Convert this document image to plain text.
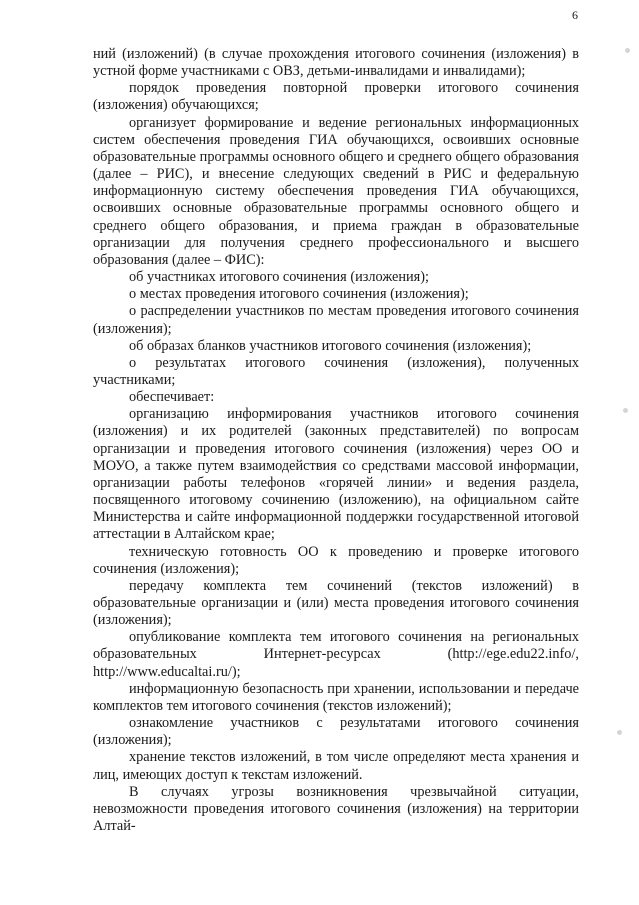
6

ний (изложений) (в случае прохождения итогового сочинения (изложения) в устной форме участниками с ОВЗ, детьми-инвалидами и инвалидами);

порядок проведения повторной проверки итогового сочинения (изложения) обучающихся;

организует формирование и ведение региональных информационных систем обеспечения проведения ГИА обучающихся, освоивших основные образовательные программы основного общего и среднего общего образования (далее – РИС), и внесение следующих сведений в РИС и федеральную информационную систему обеспечения проведения ГИА обучающихся, освоивших основные образовательные программы основного общего и среднего общего образования, и приема граждан в образовательные организации для получения среднего профессионального и высшего образования (далее – ФИС):

об участниках итогового сочинения (изложения);

о местах проведения итогового сочинения (изложения);

о распределении участников по местам проведения итогового сочинения (изложения);

об образах бланков участников итогового сочинения (изложения);

о результатах итогового сочинения (изложения), полученных участниками;

обеспечивает:

организацию информирования участников итогового сочинения (изложения) и их родителей (законных представителей) по вопросам организации и проведения итогового сочинения (изложения) через ОО и МОУО, а также путем взаимодействия со средствами массовой информации, организации работы телефонов «горячей линии» и ведения раздела, посвященного итоговому сочинению (изложению), на официальном сайте Министерства и сайте информационной поддержки государственной итоговой аттестации в Алтайском крае;

техническую готовность ОО к проведению и проверке итогового сочинения (изложения);

передачу комплекта тем сочинений (текстов изложений) в образовательные организации и (или) места проведения итогового сочинения (изложения);

опубликование комплекта тем итогового сочинения на региональных образовательных Интернет-ресурсах (http://ege.edu22.info/,

http://www.educaltai.ru/);

информационную безопасность при хранении, использовании и передаче комплектов тем итогового сочинения (текстов изложений);

ознакомление участников с результатами итогового сочинения (изложения);

хранение текстов изложений, в том числе определяют места хранения и лиц, имеющих доступ к текстам изложений.

В случаях угрозы возникновения чрезвычайной ситуации, невозможности проведения итогового сочинения (изложения) на территории Алтай-
